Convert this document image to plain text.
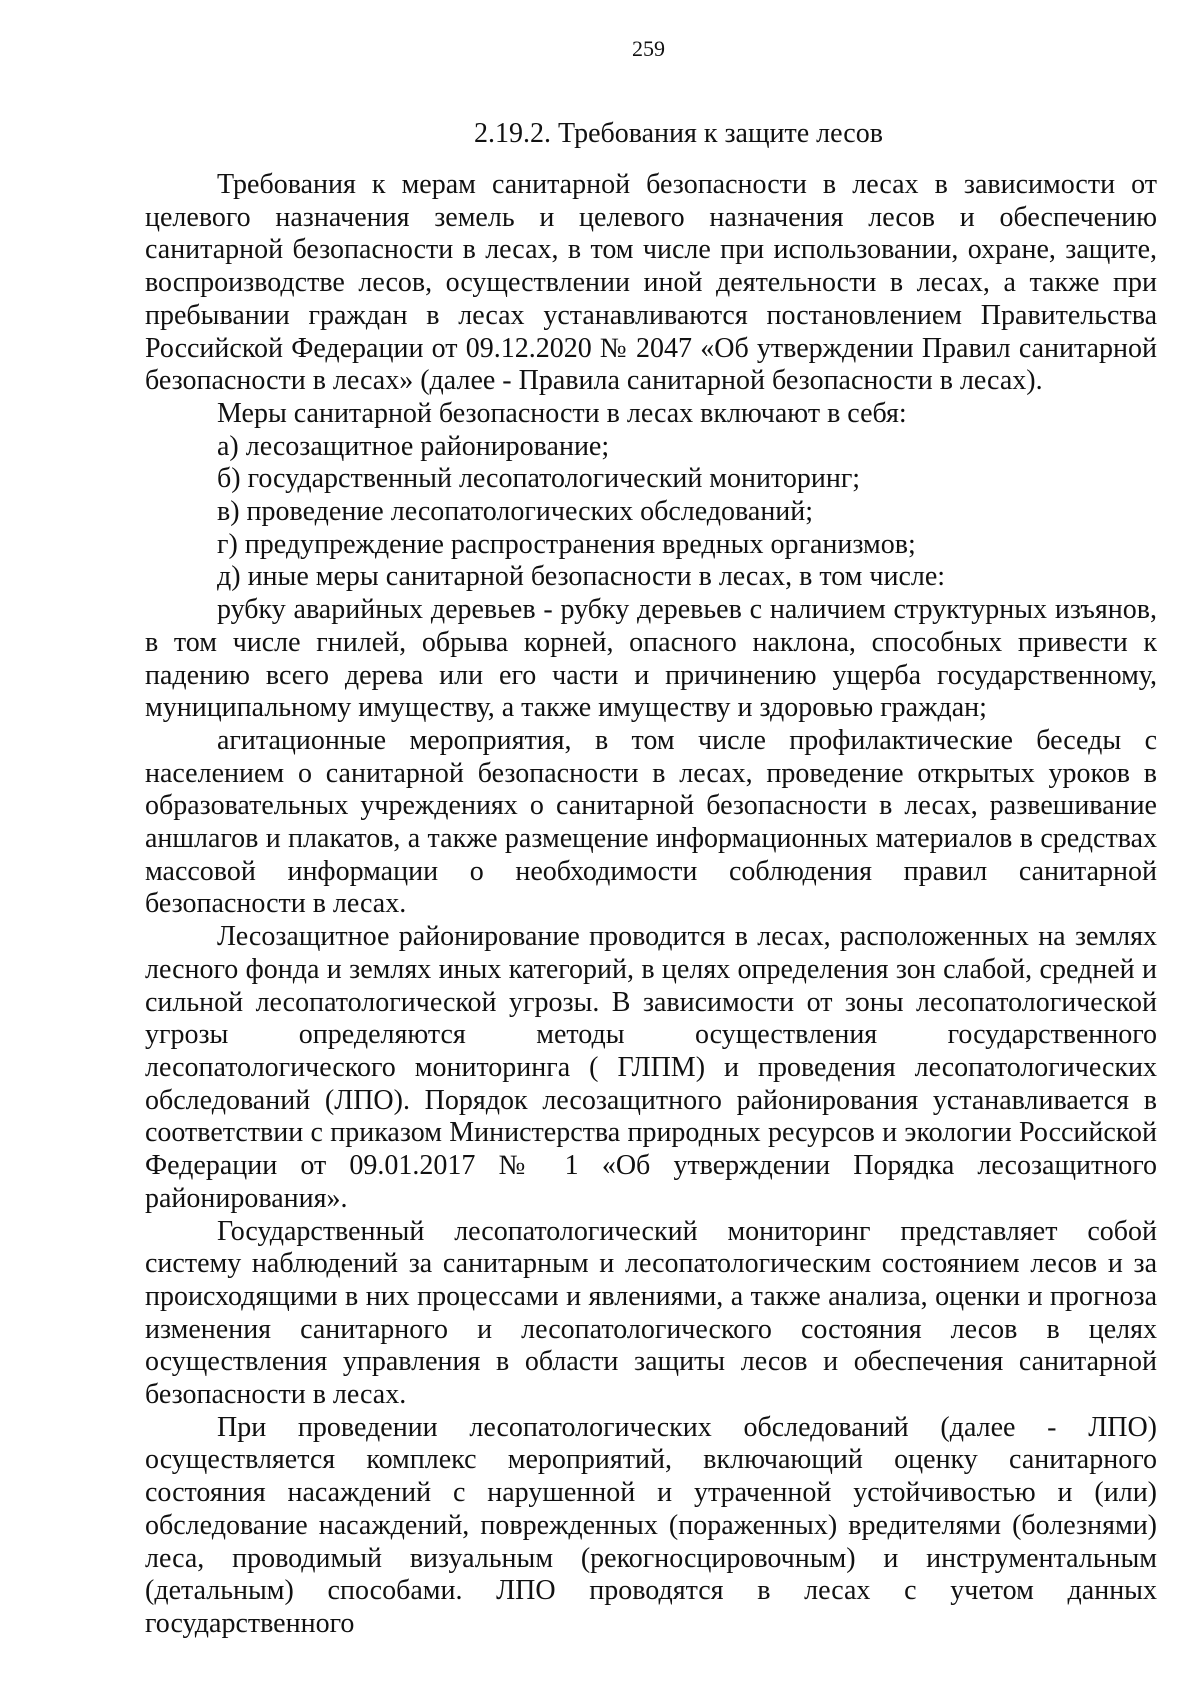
259
2.19.2. Требования к защите лесов

Требования к мерам санитарной безопасности в лесах в зависимости от целевого назначения земель и целевого назначения лесов и обеспечению санитарной безопасности в лесах, в том числе при использовании, охране, защите, воспроизводстве лесов, осуществлении иной деятельности в лесах, а также при пребывании граждан в лесах устанавливаются постановлением Правительства Российской Федерации от 09.12.2020 № 2047 «Об утверждении Правил санитарной безопасности в лесах» (далее - Правила санитарной безопасности в лесах).

Меры санитарной безопасности в лесах включают в себя:

а) лесозащитное районирование;

б) государственный лесопатологический мониторинг;

в) проведение лесопатологических обследований;

г) предупреждение распространения вредных организмов;

д) иные меры санитарной безопасности в лесах, в том числе:

рубку аварийных деревьев - рубку деревьев с наличием структурных изъянов, в том числе гнилей, обрыва корней, опасного наклона, способных привести к падению всего дерева или его части и причинению ущерба государственному, муниципальному имуществу, а также имуществу и здоровью граждан;

агитационные мероприятия, в том числе профилактические беседы с населением о санитарной безопасности в лесах, проведение открытых уроков в образовательных учреждениях о санитарной безопасности в лесах, развешивание аншлагов и плакатов, а также размещение информационных материалов в средствах массовой информации о необходимости соблюдения правил санитарной безопасности в лесах.

Лесозащитное районирование проводится в лесах, расположенных на землях лесного фонда и землях иных категорий, в целях определения зон слабой, средней и сильной лесопатологической угрозы. В зависимости от зоны лесопатологической угрозы определяются методы осуществления государственного лесопатологического мониторинга ( ГЛПМ) и проведения лесопатологических обследований (ЛПО). Порядок лесозащитного районирования устанавливается в соответствии с приказом Министерства природных ресурсов и экологии Российской Федерации от 09.01.2017 № 1 «Об утверждении Порядка лесозащитного районирования».

Государственный лесопатологический мониторинг представляет собой систему наблюдений за санитарным и лесопатологическим состоянием лесов и за происходящими в них процессами и явлениями, а также анализа, оценки и прогноза изменения санитарного и лесопатологического состояния лесов в целях осуществления управления в области защиты лесов и обеспечения санитарной безопасности в лесах.

При проведении лесопатологических обследований (далее - ЛПО) осуществляется комплекс мероприятий, включающий оценку санитарного состояния насаждений с нарушенной и утраченной устойчивостью и (или) обследование насаждений, поврежденных (пораженных) вредителями (болезнями) леса, проводимый визуальным (рекогносцировочным) и инструментальным (детальным) способами. ЛПО проводятся в лесах с учетом данных государственного
